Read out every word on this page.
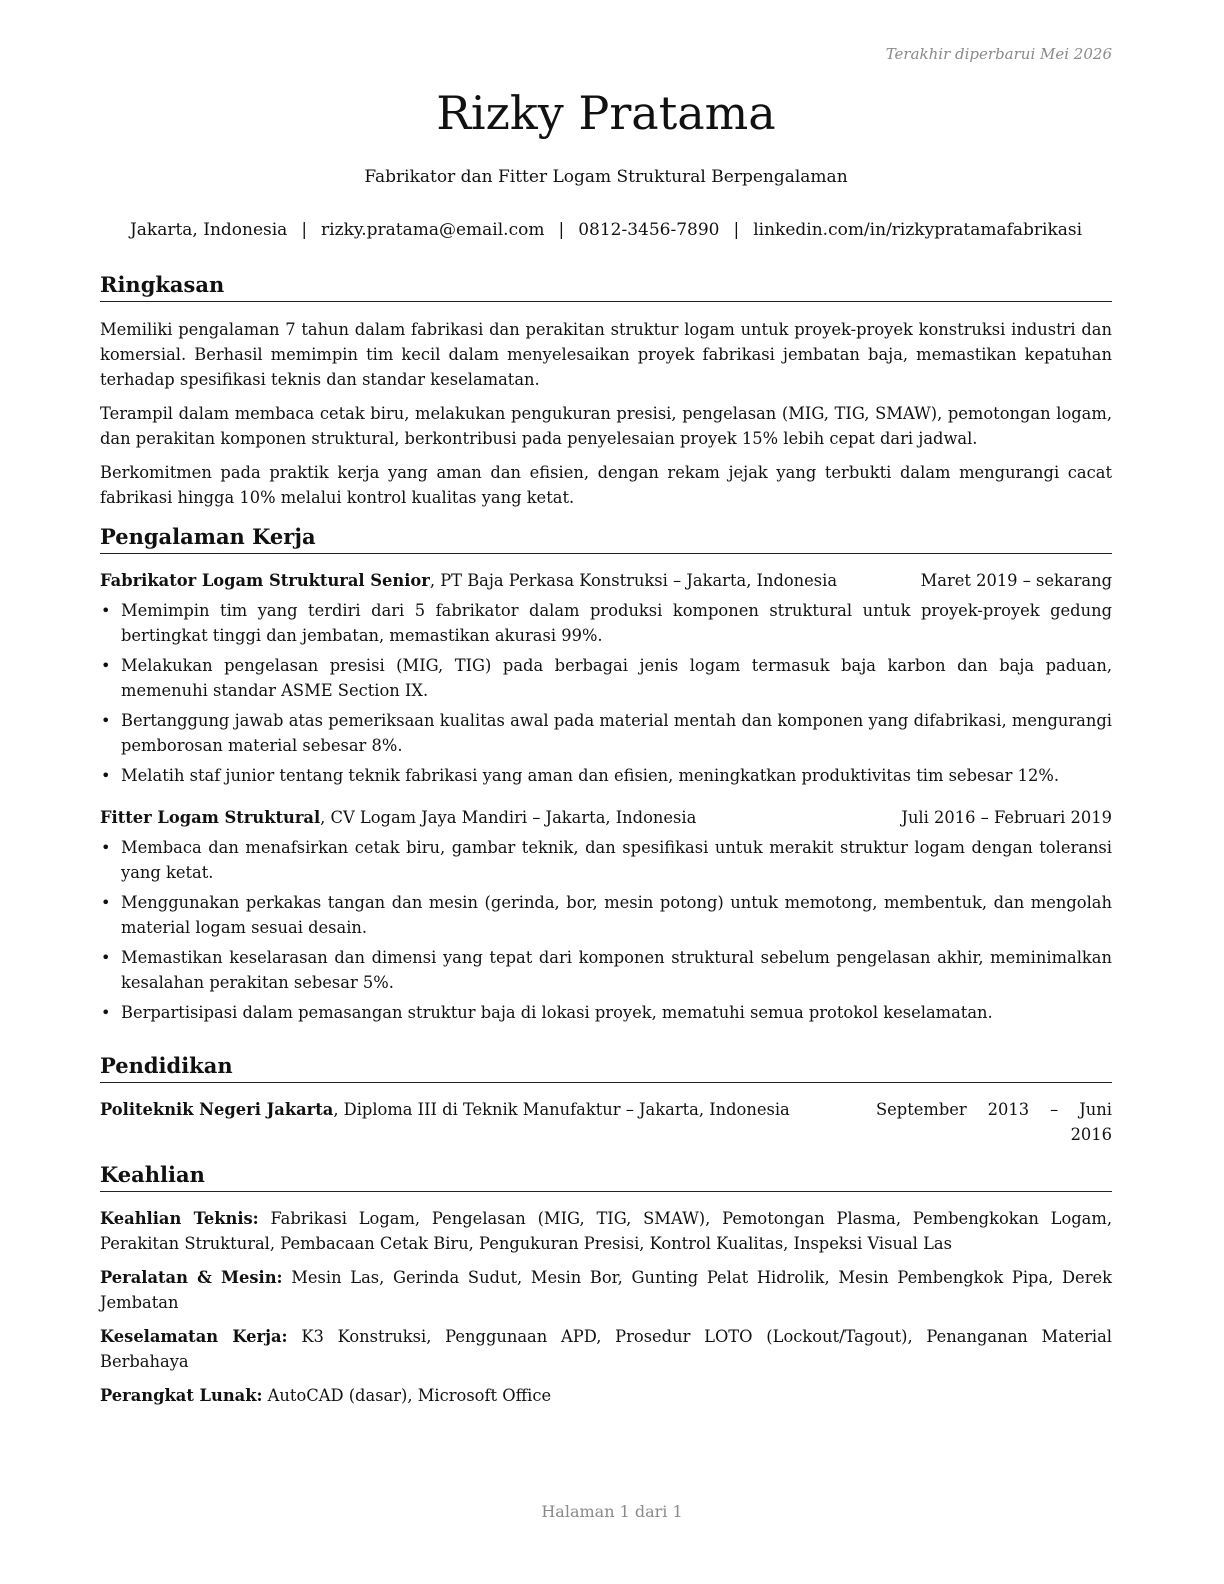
Terakhir diperbarui Mei 2026
Rizky Pratama
Fabrikator dan Fitter Logam Struktural Berpengalaman
Jakarta, Indonesia | rizky.pratama@email.com | 0812-3456-7890 | linkedin.com/in/rizkypratamafabrikasi
Ringkasan

Memiliki pengalaman 7 tahun dalam fabrikasi dan perakitan struktur logam untuk proyek-proyek konstruksi industri dan komersial. Berhasil memimpin tim kecil dalam menyelesaikan proyek fabrikasi jembatan baja, memastikan kepatuhan terhadap spesifikasi teknis dan standar keselamatan.

Terampil dalam membaca cetak biru, melakukan pengukuran presisi, pengelasan (MIG, TIG, SMAW), pemotongan logam, dan perakitan komponen struktural, berkontribusi pada penyelesaian proyek 15% lebih cepat dari jadwal.

Berkomitmen pada praktik kerja yang aman dan efisien, dengan rekam jejak yang terbukti dalam mengurangi cacat fabrikasi hingga 10% melalui kontrol kualitas yang ketat.

Pengalaman Kerja
Fabrikator Logam Struktural Senior, PT Baja Perkasa Konstruksi – Jakarta, Indonesia	Maret 2019 – sekarang
• Memimpin tim yang terdiri dari 5 fabrikator dalam produksi komponen struktural untuk proyek-proyek gedung bertingkat tinggi dan jembatan, memastikan akurasi 99%.
• Melakukan pengelasan presisi (MIG, TIG) pada berbagai jenis logam termasuk baja karbon dan baja paduan, memenuhi standar ASME Section IX.
• Bertanggung jawab atas pemeriksaan kualitas awal pada material mentah dan komponen yang difabrikasi, mengurangi pemborosan material sebesar 8%.
• Melatih staf junior tentang teknik fabrikasi yang aman dan efisien, meningkatkan produktivitas tim sebesar 12%.
Fitter Logam Struktural, CV Logam Jaya Mandiri – Jakarta, Indonesia	Juli 2016 – Februari 2019
• Membaca dan menafsirkan cetak biru, gambar teknik, dan spesifikasi untuk merakit struktur logam dengan toleransi yang ketat.
• Menggunakan perkakas tangan dan mesin (gerinda, bor, mesin potong) untuk memotong, membentuk, dan mengolah material logam sesuai desain.
• Memastikan keselarasan dan dimensi yang tepat dari komponen struktural sebelum pengelasan akhir, meminimalkan kesalahan perakitan sebesar 5%.
• Berpartisipasi dalam pemasangan struktur baja di lokasi proyek, mematuhi semua protokol keselamatan.
Pendidikan
Politeknik Negeri Jakarta, Diploma III di Teknik Manufaktur – Jakarta, Indonesia	September 2013 – Juni
2016
Keahlian

Keahlian Teknis: Fabrikasi Logam, Pengelasan (MIG, TIG, SMAW), Pemotongan Plasma, Pembengkokan Logam, Perakitan Struktural, Pembacaan Cetak Biru, Pengukuran Presisi, Kontrol Kualitas, Inspeksi Visual Las

Peralatan & Mesin: Mesin Las, Gerinda Sudut, Mesin Bor, Gunting Pelat Hidrolik, Mesin Pembengkok Pipa, Derek Jembatan

Keselamatan Kerja: K3 Konstruksi, Penggunaan APD, Prosedur LOTO (Lockout/Tagout), Penanganan Material Berbahaya

Perangkat Lunak: AutoCAD (dasar), Microsoft Office

Halaman 1 dari 1
